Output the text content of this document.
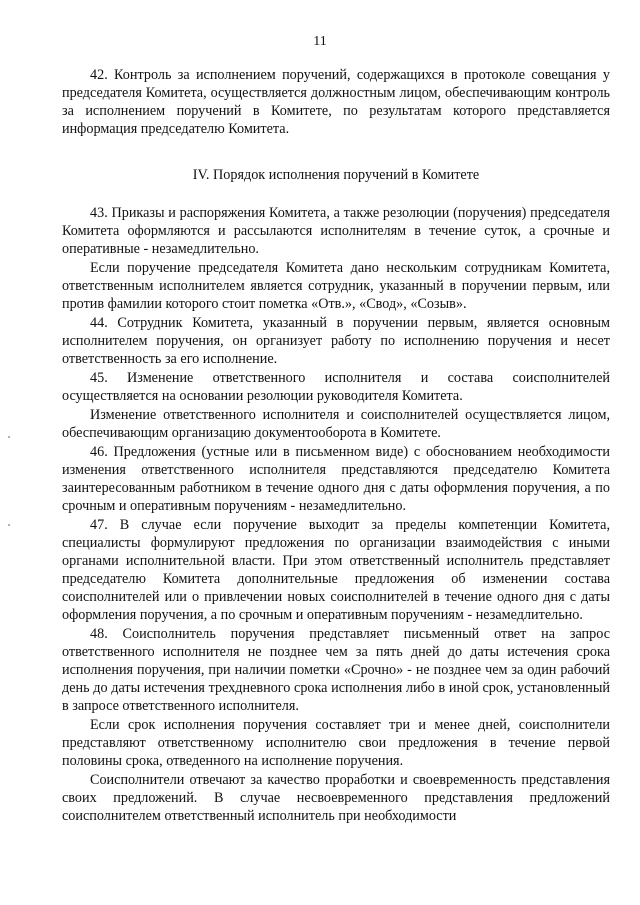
11

42. Контроль за исполнением поручений, содержащихся в протоколе совещания у председателя Комитета, осуществляется должностным лицом, обеспечивающим контроль за исполнением поручений в Комитете, по результатам которого представляется информация председателю Комитета.

IV. Порядок исполнения поручений в Комитете

43. Приказы и распоряжения Комитета, а также резолюции (поручения) председателя Комитета оформляются и рассылаются исполнителям в течение суток, а срочные и оперативные - незамедлительно.

Если поручение председателя Комитета дано нескольким сотрудникам Комитета, ответственным исполнителем является сотрудник, указанный в поручении первым, или против фамилии которого стоит пометка «Отв.», «Свод», «Созыв».

44. Сотрудник Комитета, указанный в поручении первым, является основным исполнителем поручения, он организует работу по исполнению поручения и несет ответственность за его исполнение.

45. Изменение ответственного исполнителя и состава соисполнителей осуществляется на основании резолюции руководителя Комитета.

Изменение ответственного исполнителя и соисполнителей осуществляется лицом, обеспечивающим организацию документооборота в Комитете.

46. Предложения (устные или в письменном виде) с обоснованием необходимости изменения ответственного исполнителя представляются председателю Комитета заинтересованным работником в течение одного дня с даты оформления поручения, а по срочным и оперативным поручениям - незамедлительно.

47. В случае если поручение выходит за пределы компетенции Комитета, специалисты формулируют предложения по организации взаимодействия с иными органами исполнительной власти. При этом ответственный исполнитель представляет председателю Комитета дополнительные предложения об изменении состава соисполнителей или о привлечении новых соисполнителей в течение одного дня с даты оформления поручения, а по срочным и оперативным поручениям - незамедлительно.

48. Соисполнитель поручения представляет письменный ответ на запрос ответственного исполнителя не позднее чем за пять дней до даты истечения срока исполнения поручения, при наличии пометки «Срочно» - не позднее чем за один рабочий день до даты истечения трехдневного срока исполнения либо в иной срок, установленный в запросе ответственного исполнителя.

Если срок исполнения поручения составляет три и менее дней, соисполнители представляют ответственному исполнителю свои предложения в течение первой половины срока, отведенного на исполнение поручения.

Соисполнители отвечают за качество проработки и своевременность представления своих предложений. В случае несвоевременного представления предложений соисполнителем ответственный исполнитель при необходимости
